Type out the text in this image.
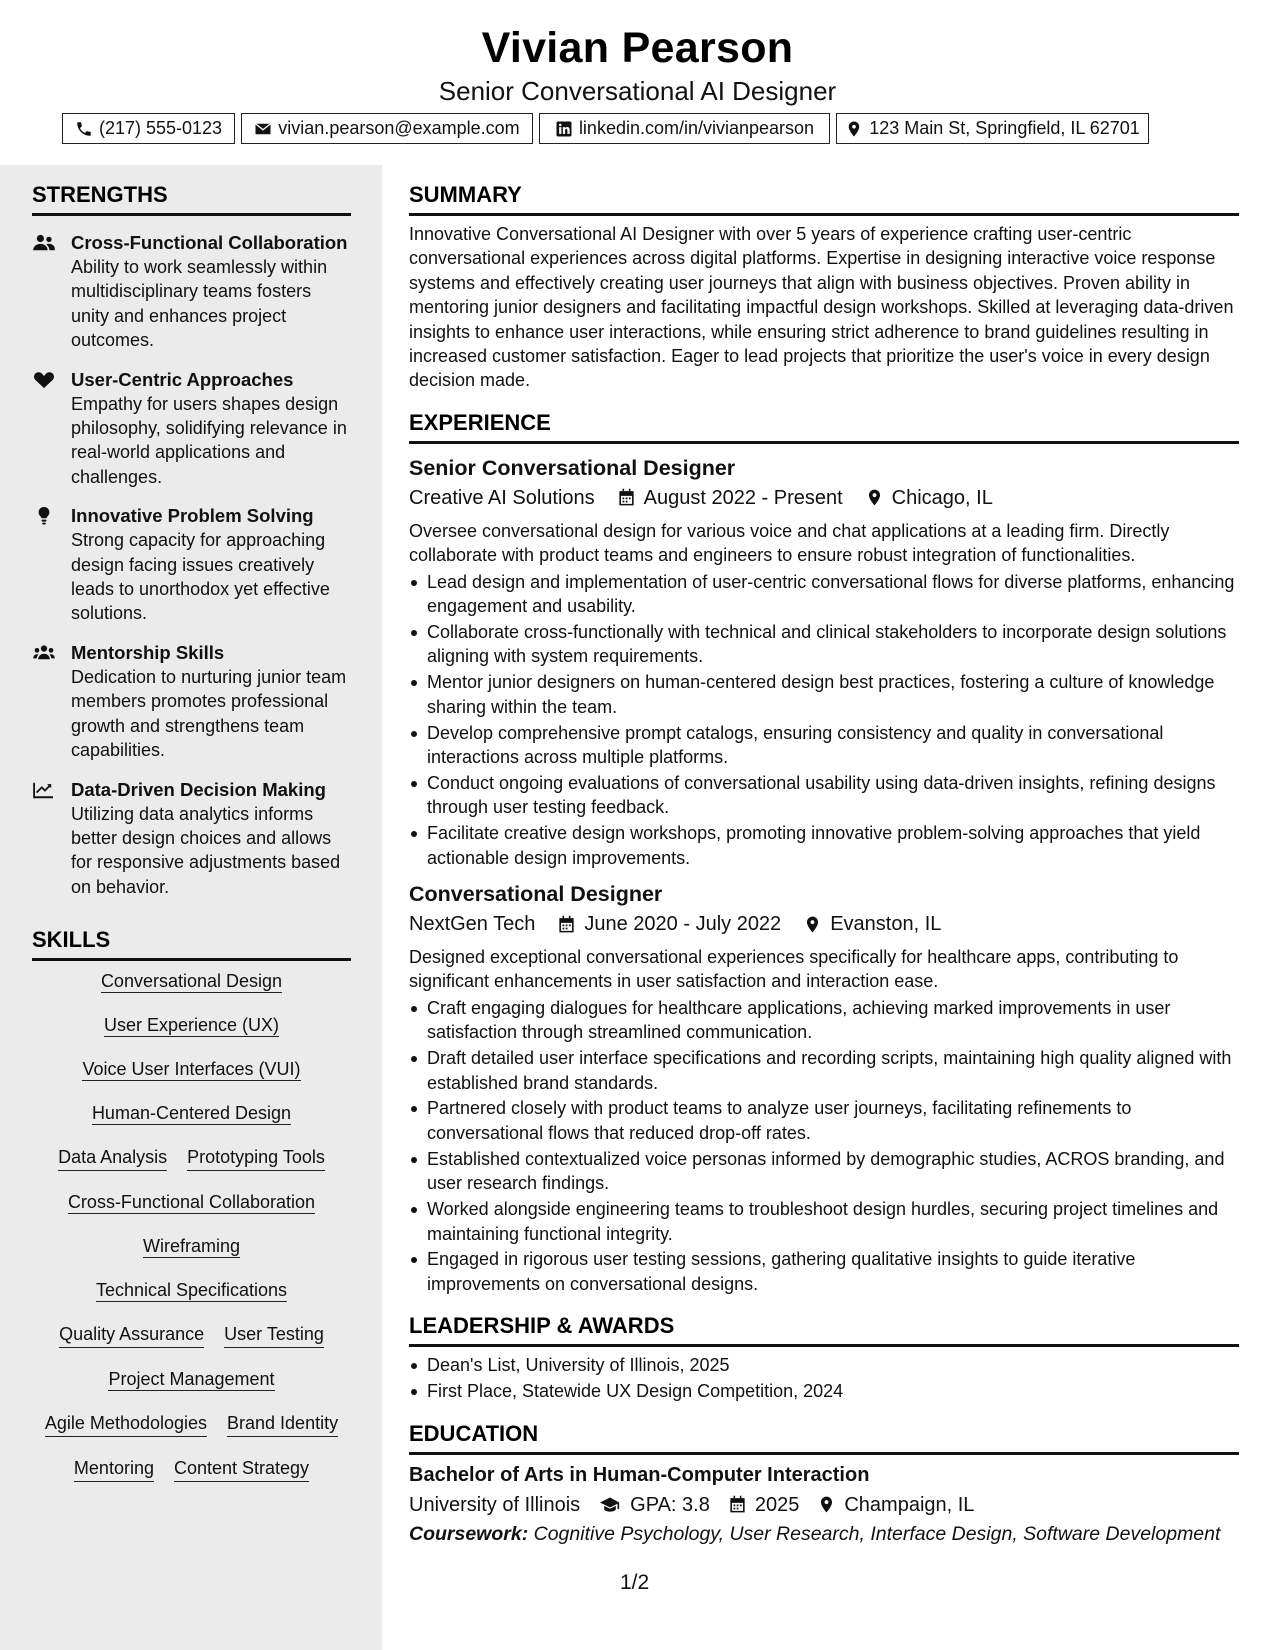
Vivian Pearson
Senior Conversational AI Designer
(217) 555-0123	vivian.pearson@example.com	linkedin.com/in/vivianpearson	123 Main St, Springfield, IL 62701
STRENGTHS
Cross-Functional Collaboration
Ability to work seamlessly within multidisciplinary teams fosters unity and enhances project outcomes.
User-Centric Approaches
Empathy for users shapes design philosophy, solidifying relevance in real-world applications and challenges.
Innovative Problem Solving
Strong capacity for approaching design facing issues creatively leads to unorthodox yet effective solutions.
Mentorship Skills
Dedication to nurturing junior team members promotes professional growth and strengthens team capabilities.
Data-Driven Decision Making
Utilizing data analytics informs better design choices and allows for responsive adjustments based on behavior.
SKILLS
Conversational Design
User Experience (UX)
Voice User Interfaces (VUI)
Human-Centered Design
Data Analysis Prototyping Tools
Cross-Functional Collaboration
Wireframing
Technical Specifications
Quality Assurance User Testing
Project Management
Agile Methodologies Brand Identity
Mentoring Content Strategy
SUMMARY
Innovative Conversational AI Designer with over 5 years of experience crafting user-centric conversational experiences across digital platforms. Expertise in designing interactive voice response systems and effectively creating user journeys that align with business objectives. Proven ability in mentoring junior designers and facilitating impactful design workshops. Skilled at leveraging data-driven insights to enhance user interactions, while ensuring strict adherence to brand guidelines resulting in increased customer satisfaction. Eager to lead projects that prioritize the user's voice in every design decision made.
EXPERIENCE
Senior Conversational Designer
Creative AI Solutions August 2022 - Present Chicago, IL
Oversee conversational design for various voice and chat applications at a leading firm. Directly collaborate with product teams and engineers to ensure robust integration of functionalities.
Lead design and implementation of user-centric conversational flows for diverse platforms, enhancing engagement and usability.
Collaborate cross-functionally with technical and clinical stakeholders to incorporate design solutions aligning with system requirements.
Mentor junior designers on human-centered design best practices, fostering a culture of knowledge sharing within the team.
Develop comprehensive prompt catalogs, ensuring consistency and quality in conversational interactions across multiple platforms.
Conduct ongoing evaluations of conversational usability using data-driven insights, refining designs through user testing feedback.
Facilitate creative design workshops, promoting innovative problem-solving approaches that yield actionable design improvements.
Conversational Designer
NextGen Tech June 2020 - July 2022 Evanston, IL
Designed exceptional conversational experiences specifically for healthcare apps, contributing to significant enhancements in user satisfaction and interaction ease.
Craft engaging dialogues for healthcare applications, achieving marked improvements in user satisfaction through streamlined communication.
Draft detailed user interface specifications and recording scripts, maintaining high quality aligned with established brand standards.
Partnered closely with product teams to analyze user journeys, facilitating refinements to conversational flows that reduced drop-off rates.
Established contextualized voice personas informed by demographic studies, ACROS branding, and user research findings.
Worked alongside engineering teams to troubleshoot design hurdles, securing project timelines and maintaining functional integrity.
Engaged in rigorous user testing sessions, gathering qualitative insights to guide iterative improvements on conversational designs.
LEADERSHIP & AWARDS
Dean's List, University of Illinois, 2025
First Place, Statewide UX Design Competition, 2024
EDUCATION
Bachelor of Arts in Human-Computer Interaction
University of Illinois	GPA: 3.8 2025 Champaign, IL
Coursework: Cognitive Psychology, User Research, Interface Design, Software Development
1/2
